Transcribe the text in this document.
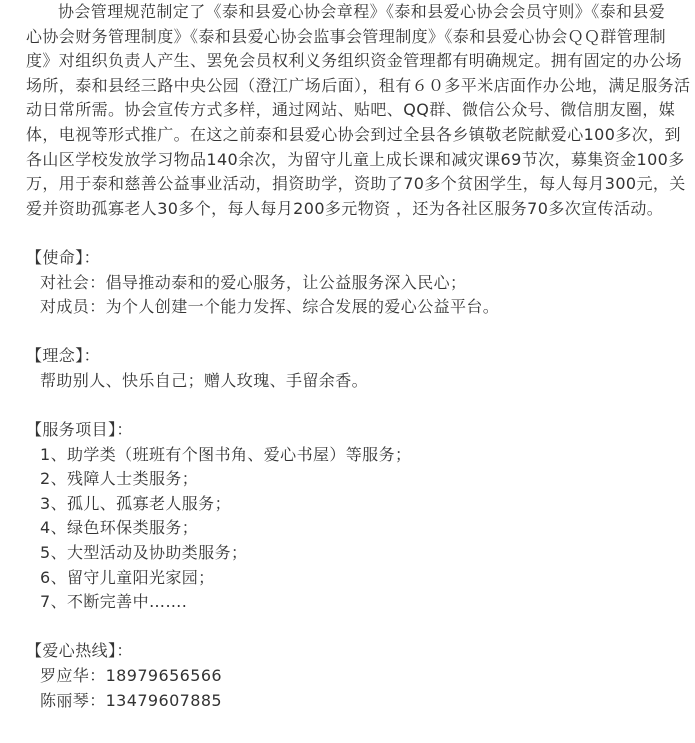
协会管理规范制定了《泰和县爱心协会章程》《泰和县爱心协会会员守则》《泰和县爱
心协会财务管理制度》《泰和县爱心协会监事会管理制度》《泰和县爱心协会ＱＱ群管理制
度》对组织负责人产生、罢免会员权利义务组织资金管理都有明确规定。拥有固定的办公场
场所，泰和县经三路中央公园（澄江广场后面），租有６０多平米店面作办公地，满足服务活
动日常所需。协会宣传方式多样，通过网站、贴吧、QQ群、微信公众号、微信朋友圈，媒
体，电视等形式推广。在这之前泰和县爱心协会到过全县各乡镇敬老院献爱心100多次，到
各山区学校发放学习物品140余次，为留守儿童上成长课和减灾课69节次，募集资金100多
万，用于泰和慈善公益事业活动，捐资助学，资助了70多个贫困学生，每人每月300元，关
爱并资助孤寡老人30多个，每人每月200多元物资 ，还为各社区服务70多次宣传活动。
【使命】：
对社会：倡导推动泰和的爱心服务，让公益服务深入民心；
对成员：为个人创建一个能力发挥、综合发展的爱心公益平台。
【理念】：
帮助别人、快乐自己；赠人玫瑰、手留余香。
【服务项目】：
1、助学类（班班有个图书角、爱心书屋）等服务；
2、残障人士类服务；
3、孤儿、孤寡老人服务；
4、绿色环保类服务；
5、大型活动及协助类服务；
6、留守儿童阳光家园；
7、不断完善中…….
【爱心热线】：
罗应华：18979656566
陈丽琴：13479607885
